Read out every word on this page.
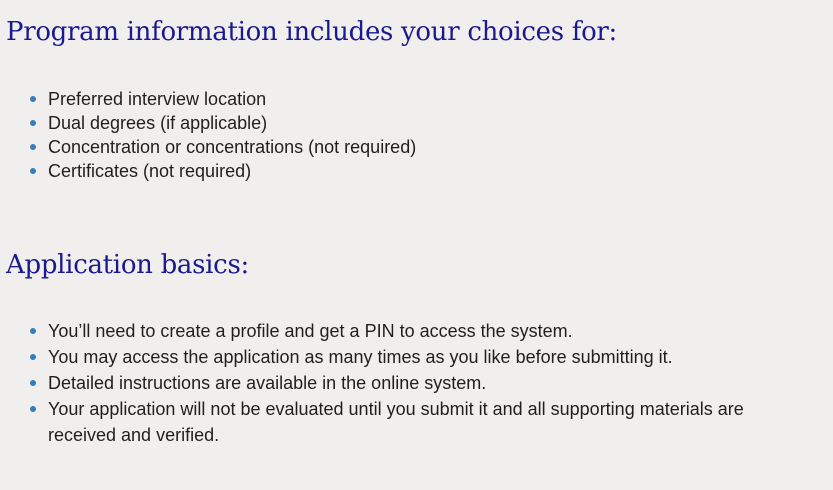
Program information includes your choices for:
Preferred interview location
Dual degrees (if applicable)
Concentration or concentrations (not required)
Certificates (not required)
Application basics:
You’ll need to create a profile and get a PIN to access the system.
You may access the application as many times as you like before submitting it.
Detailed instructions are available in the online system.
Your application will not be evaluated until you submit it and all supporting materials are received and verified.
